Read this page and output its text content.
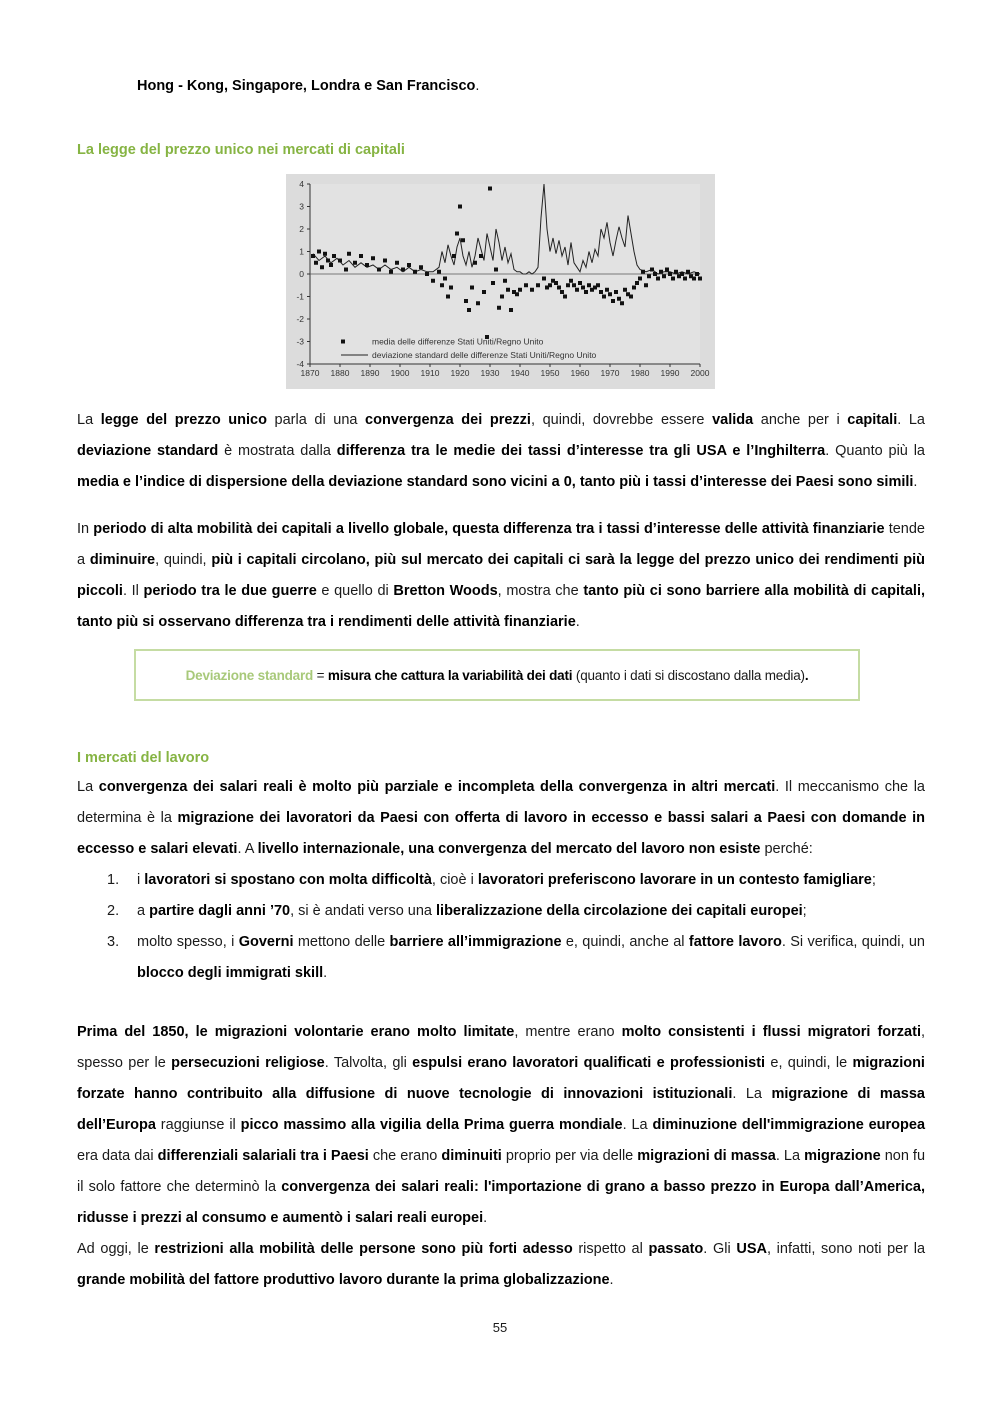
Hong - Kong, Singapore, Londra e San Francisco.
La legge del prezzo unico nei mercati di capitali
4
3
2
1
0
-1
-2
-3
-4
1870 1880 1890 1900 1910 1920 1930 1940 1950 1960 1970 1980 1990 2000
media delle differenze Stati Uniti/Regno Unito
deviazione standard delle differenze Stati Uniti/Regno Unito

La legge del prezzo unico parla di una convergenza dei prezzi, quindi, dovrebbe essere valida anche per i capitali. La deviazione standard è mostrata dalla differenza tra le medie dei tassi d’interesse tra gli USA e l’Inghilterra. Quanto più la media e l’indice di dispersione della deviazione standard sono vicini a 0, tanto più i tassi d’interesse dei Paesi sono simili.

In periodo di alta mobilità dei capitali a livello globale, questa differenza tra i tassi d’interesse delle attività finanziarie tende a diminuire, quindi, più i capitali circolano, più sul mercato dei capitali ci sarà la legge del prezzo unico dei rendimenti più piccoli. Il periodo tra le due guerre e quello di Bretton Woods, mostra che tanto più ci sono barriere alla mobilità di capitali, tanto più si osservano differenza tra i rendimenti delle attività finanziarie.

Deviazione standard = misura che cattura la variabilità dei dati (quanto i dati si discostano dalla media) .
I mercati del lavoro

La convergenza dei salari reali è molto più parziale e incompleta della convergenza in altri mercati. Il meccanismo che la determina è la migrazione dei lavoratori da Paesi con offerta di lavoro in eccesso e bassi salari a Paesi con domande in eccesso e salari elevati. A livello internazionale, una convergenza del mercato del lavoro non esiste perché:

1. i lavoratori si spostano con molta difficoltà, cioè i lavoratori preferiscono lavorare in un contesto famigliare;
2. a partire dagli anni ’70, si è andati verso una liberalizzazione della circolazione dei capitali europei;
3. molto spesso, i Governi mettono delle barriere all’immigrazione e, quindi, anche al fattore lavoro. Si verifica, quindi, un blocco degli immigrati skill.

Prima del 1850, le migrazioni volontarie erano molto limitate, mentre erano molto consistenti i flussi migratori forzati, spesso per le persecuzioni religiose. Talvolta, gli espulsi erano lavoratori qualificati e professionisti e, quindi, le migrazioni forzate hanno contribuito alla diffusione di nuove tecnologie di innovazioni istituzionali. La migrazione di massa dell’Europa raggiunse il picco massimo alla vigilia della Prima guerra mondiale. La diminuzione dell'immigrazione europea era data dai differenziali salariali tra i Paesi che erano diminuiti proprio per via delle migrazioni di massa. La migrazione non fu il solo fattore che determinò la convergenza dei salari reali: l'importazione di grano a basso prezzo in Europa dall’America, ridusse i prezzi al consumo e aumentò i salari reali europei.

Ad oggi, le restrizioni alla mobilità delle persone sono più forti adesso rispetto al passato. Gli USA, infatti, sono noti per la grande mobilità del fattore produttivo lavoro durante la prima globalizzazione.

55
